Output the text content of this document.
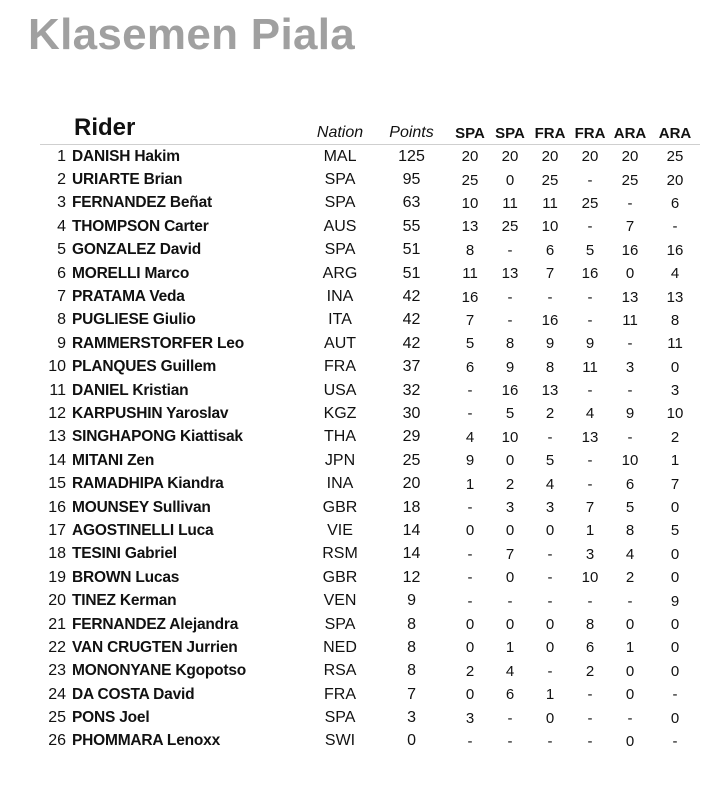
Klasemen Piala
Rider		Nation	Points	SPA	SPA	FRA	FRA	ARA	ARA
1	DANISH Hakim	MAL	125	20	20	20	20	20	25
2	URIARTE Brian	SPA	95	25	0	25	-	25	20
3	FERNANDEZ Beñat	SPA	63	10	11	11	25	-	6
4	THOMPSON Carter	AUS	55	13	25	10	-	7	-
5	GONZALEZ David	SPA	51	8	-	6	5	16	16
6	MORELLI Marco	ARG	51	11	13	7	16	0	4
7	PRATAMA Veda	INA	42	16	-	-	-	13	13
8	PUGLIESE Giulio	ITA	42	7	-	16	-	11	8
9	RAMMERSTORFER Leo	AUT	42	5	8	9	9	-	11
10	PLANQUES Guillem	FRA	37	6	9	8	11	3	0
11	DANIEL Kristian	USA	32	-	16	13	-	-	3
12	KARPUSHIN Yaroslav	KGZ	30	-	5	2	4	9	10
13	SINGHAPONG Kiattisak	THA	29	4	10	-	13	-	2
14	MITANI Zen	JPN	25	9	0	5	-	10	1
15	RAMADHIPA Kiandra	INA	20	1	2	4	-	6	7
16	MOUNSEY Sullivan	GBR	18	-	3	3	7	5	0
17	AGOSTINELLI Luca	VIE	14	0	0	0	1	8	5
18	TESINI Gabriel	RSM	14	-	7	-	3	4	0
19	BROWN Lucas	GBR	12	-	0	-	10	2	0
20	TINEZ Kerman	VEN	9	-	-	-	-	-	9
21	FERNANDEZ Alejandra	SPA	8	0	0	0	8	0	0
22	VAN CRUGTEN Jurrien	NED	8	0	1	0	6	1	0
23	MONONYANE Kgopotso	RSA	8	2	4	-	2	0	0
24	DA COSTA David	FRA	7	0	6	1	-	0	-
25	PONS Joel	SPA	3	3	-	0	-	-	0
26	PHOMMARA Lenoxx	SWI	0	-	-	-	-	0	-
